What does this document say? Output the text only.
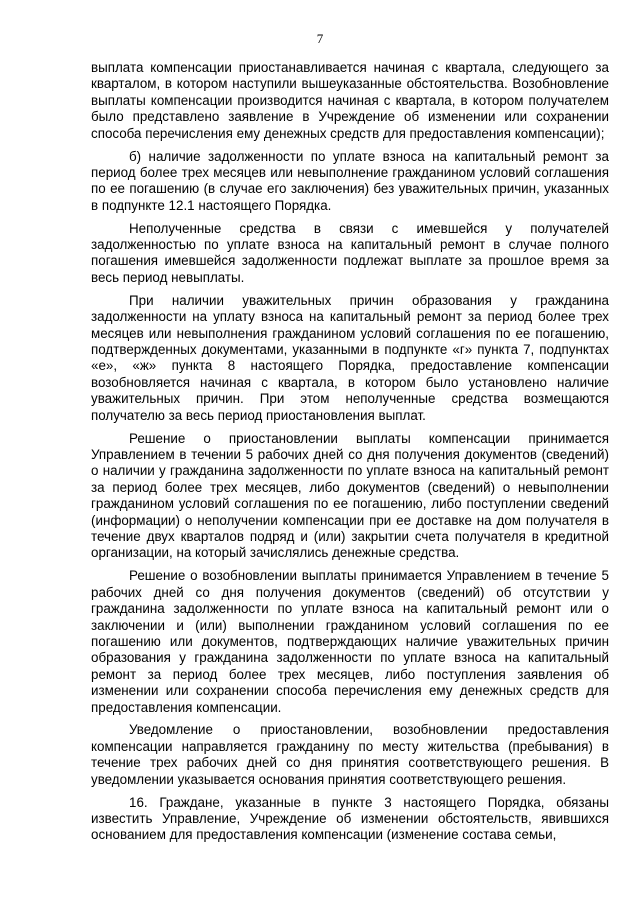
7

выплата компенсации приостанавливается начиная с квартала, следующего за кварталом, в котором наступили вышеуказанные обстоятельства. Возобновление выплаты компенсации производится начиная с квартала, в котором получателем было представлено заявление в Учреждение об изменении или сохранении способа перечисления ему денежных средств для предоставления компенсации);

б) наличие задолженности по уплате взноса на капитальный ремонт за период более трех месяцев или невыполнение гражданином условий соглашения по ее погашению (в случае его заключения) без уважительных причин, указанных в подпункте 12.1 настоящего Порядка.

Неполученные средства в связи с имевшейся у получателей задолженностью по уплате взноса на капитальный ремонт в случае полного погашения имевшейся задолженности подлежат выплате за прошлое время за весь период невыплаты.

При наличии уважительных причин образования у гражданина задолженности на уплату взноса на капитальный ремонт за период более трех месяцев или невыполнения гражданином условий соглашения по ее погашению, подтвержденных документами, указанными в подпункте «г» пункта 7, подпунктах «е», «ж» пункта 8 настоящего Порядка, предоставление компенсации возобновляется начиная с квартала, в котором было установлено наличие уважительных причин. При этом неполученные средства возмещаются получателю за весь период приостановления выплат.

Решение о приостановлении выплаты компенсации принимается Управлением в течении 5 рабочих дней со дня получения документов (сведений) о наличии у гражданина задолженности по уплате взноса на капитальный ремонт за период более трех месяцев, либо документов (сведений) о невыполнении гражданином условий соглашения по ее погашению, либо поступлении сведений (информации) о неполучении компенсации при ее доставке на дом получателя в течение двух кварталов подряд и (или) закрытии счета получателя в кредитной организации, на который зачислялись денежные средства.

Решение о возобновлении выплаты принимается Управлением в течение 5 рабочих дней со дня получения документов (сведений) об отсутствии у гражданина задолженности по уплате взноса на капитальный ремонт или о заключении и (или) выполнении гражданином условий соглашения по ее погашению или документов, подтверждающих наличие уважительных причин образования у гражданина задолженности по уплате взноса на капитальный ремонт за период более трех месяцев, либо поступления заявления об изменении или сохранении способа перечисления ему денежных средств для предоставления компенсации.

Уведомление о приостановлении, возобновлении предоставления компенсации направляется гражданину по месту жительства (пребывания) в течение трех рабочих дней со дня принятия соответствующего решения. В уведомлении указывается основания принятия соответствующего решения.

16. Граждане, указанные в пункте 3 настоящего Порядка, обязаны известить Управление, Учреждение об изменении обстоятельств, явившихся основанием для предоставления компенсации (изменение состава семьи,
